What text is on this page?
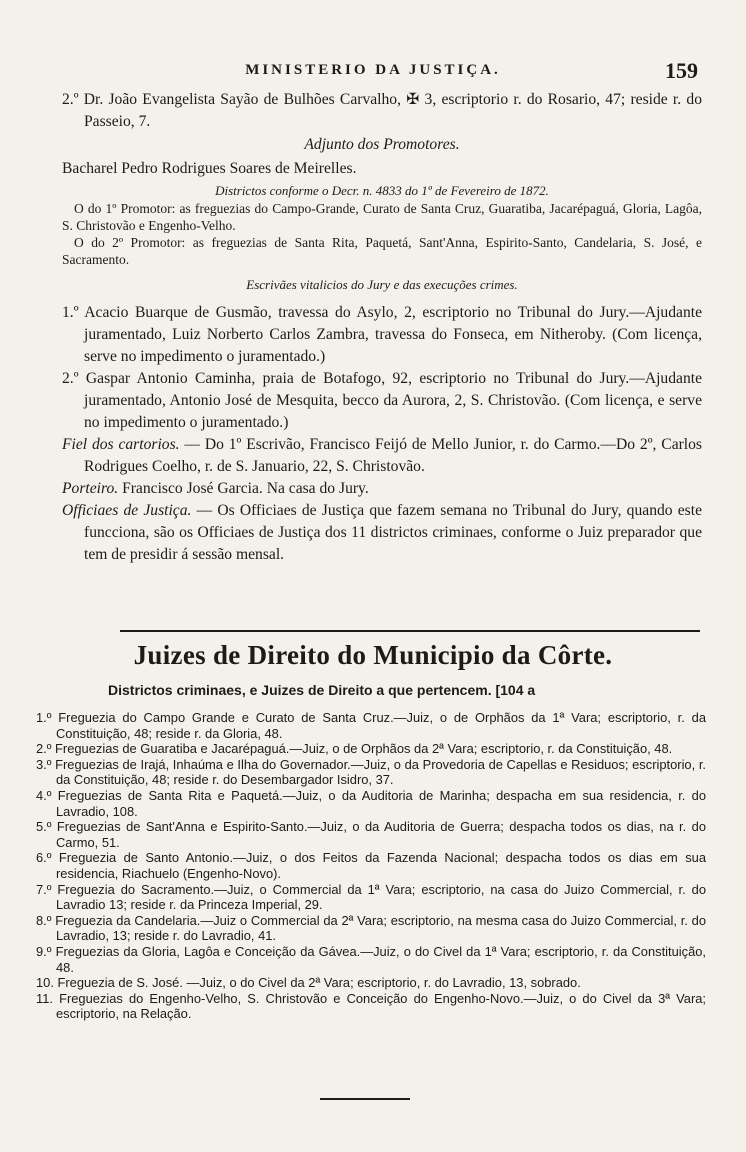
MINISTERIO DA JUSTIÇA.	159

2.º Dr. João Evangelista Sayão de Bulhões Carvalho, ✠ 3, escriptorio r. do Rosario, 47; reside r. do Passeio, 7.

Adjunto dos Promotores.

Bacharel Pedro Rodrigues Soares de Meirelles.

Districtos conforme o Decr. n. 4833 do 1º de Fevereiro de 1872.

O do 1º Promotor: as freguezias do Campo-Grande, Curato de Santa Cruz, Guaratiba, Jacarépaguá, Gloria, Lagôa, S. Christovão e Engenho-Velho.

O do 2º Promotor: as freguezias de Santa Rita, Paquetá, Sant'Anna, Espirito-Santo, Candelaria, S. José, e Sacramento.

Escrivães vitalicios do Jury e das execuções crimes.

1.º Acacio Buarque de Gusmão, travessa do Asylo, 2, escriptorio no Tribunal do Jury.—Ajudante juramentado, Luiz Norberto Carlos Zambra, travessa do Fonseca, em Nitheroby. (Com licença, serve no impedimento o juramentado.)

2.º Gaspar Antonio Caminha, praia de Botafogo, 92, escriptorio no Tribunal do Jury.—Ajudante juramentado, Antonio José de Mesquita, becco da Aurora, 2, S. Christovão. (Com licença, e serve no impedimento o juramentado.)

Fiel dos cartorios. — Do 1º Escrivão, Francisco Feijó de Mello Junior, r. do Carmo.—Do 2º, Carlos Rodrigues Coelho, r. de S. Januario, 22, S. Christovão.

Porteiro. Francisco José Garcia. Na casa do Jury.

Officiaes de Justiça. — Os Officiaes de Justiça que fazem semana no Tribunal do Jury, quando este funcciona, são os Officiaes de Justiça dos 11 districtos criminaes, conforme o Juiz preparador que tem de presidir á sessão mensal.

Juizes de Direito do Municipio da Côrte.
Districtos criminaes, e Juizes de Direito a que pertencem. [104 a

1.º Freguezia do Campo Grande e Curato de Santa Cruz.—Juiz, o de Orphãos da 1ª Vara; escriptorio, r. da Constituição, 48; reside r. da Gloria, 48.

2.º Freguezias de Guaratiba e Jacarépaguá.—Juiz, o de Orphãos da 2ª Vara; escriptorio, r. da Constituição, 48.

3.º Freguezias de Irajá, Inhaúma e Ilha do Governador.—Juiz, o da Provedoria de Capellas e Residuos; escriptorio, r. da Constituição, 48; reside r. do Desembargador Isidro, 37.

4.º Freguezias de Santa Rita e Paquetá.—Juiz, o da Auditoria de Marinha; despacha em sua residencia, r. do Lavradio, 108.

5.º Freguezias de Sant'Anna e Espirito-Santo.—Juiz, o da Auditoria de Guerra; despacha todos os dias, na r. do Carmo, 51.

6.º Freguezia de Santo Antonio.—Juiz, o dos Feitos da Fazenda Nacional; despacha todos os dias em sua residencia, Riachuelo (Engenho-Novo).

7.º Freguezia do Sacramento.—Juiz, o Commercial da 1ª Vara; escriptorio, na casa do Juizo Commercial, r. do Lavradio 13; reside r. da Princeza Imperial, 29.

8.º Freguezia da Candelaria.—Juiz o Commercial da 2ª Vara; escriptorio, na mesma casa do Juizo Commercial, r. do Lavradio, 13; reside r. do Lavradio, 41.

9.º Freguezias da Gloria, Lagôa e Conceição da Gávea.—Juiz, o do Civel da 1ª Vara; escriptorio, r. da Constituição, 48.

10. Freguezia de S. José. —Juiz, o do Civel da 2ª Vara; escriptorio, r. do Lavradio, 13, sobrado.

11. Freguezias do Engenho-Velho, S. Christovão e Conceição do Engenho-Novo.—Juiz, o do Civel da 3ª Vara; escriptorio, na Relação.
